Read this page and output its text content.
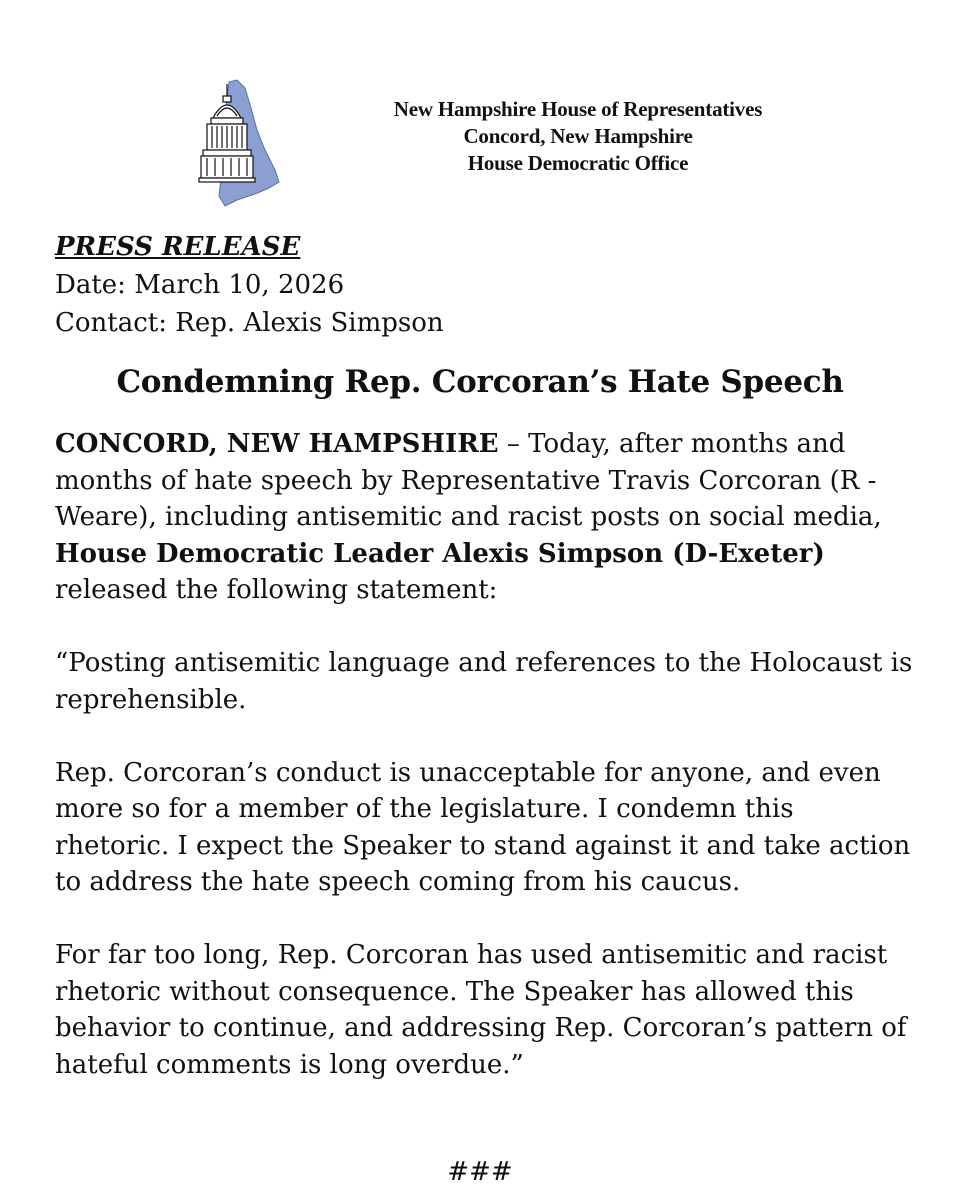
New Hampshire House of Representatives
Concord, New Hampshire
House Democratic Office
PRESS RELEASE
Date: March 10, 2026
Contact: Rep. Alexis Simpson
Condemning Rep. Corcoran’s Hate Speech

CONCORD, NEW HAMPSHIRE – Today, after months and months of hate speech by Representative Travis Corcoran (R - Weare), including antisemitic and racist posts on social media, House Democratic Leader Alexis Simpson (D-Exeter) released the following statement:

“Posting antisemitic language and references to the Holocaust is reprehensible.

Rep. Corcoran’s conduct is unacceptable for anyone, and even more so for a member of the legislature. I condemn this rhetoric. I expect the Speaker to stand against it and take action to address the hate speech coming from his caucus.

For far too long, Rep. Corcoran has used antisemitic and racist rhetoric without consequence. The Speaker has allowed this behavior to continue, and addressing Rep. Corcoran’s pattern of hateful comments is long overdue.”

###
